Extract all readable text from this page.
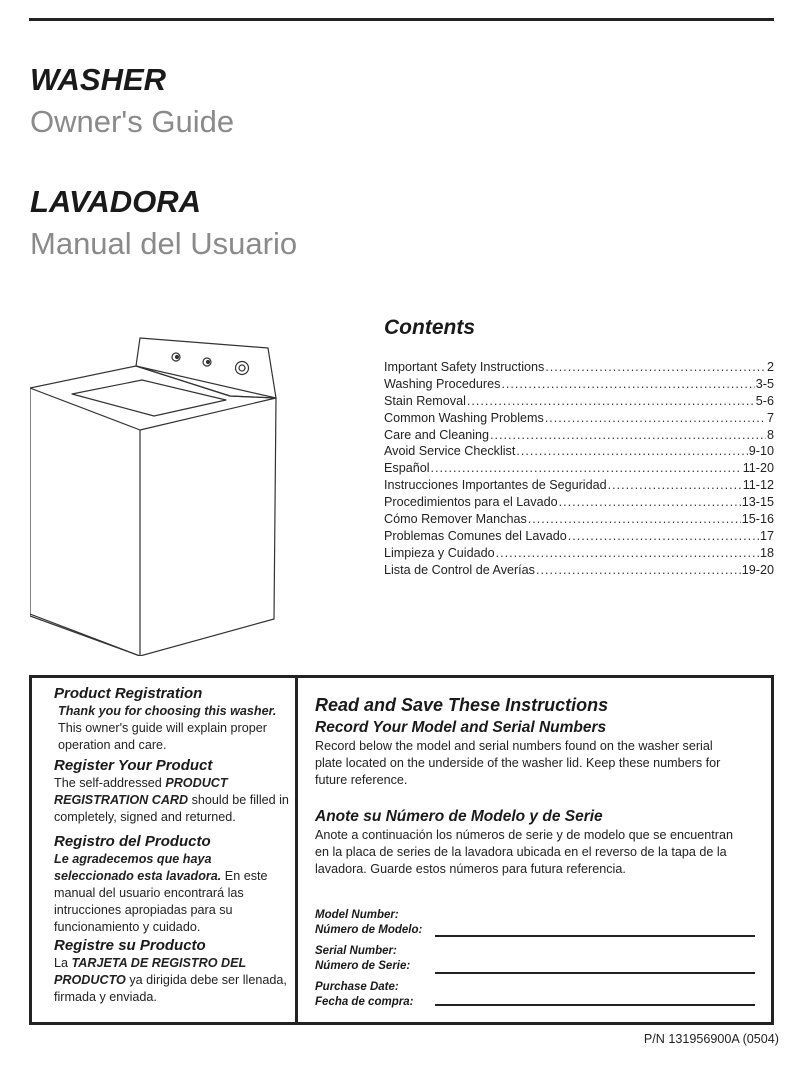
WASHER
Owner's Guide
LAVADORA
Manual del Usuario
Contents
Important Safety Instructions .....	2
Washing Procedures .....	3-5
Stain Removal .....	5-6
Common Washing Problems .....	7
Care and Cleaning .....	8
Avoid Service Checklist .....	9-10
Español .....	11-20
Instrucciones Importantes de Seguridad .....	11-12
Procedimientos para el Lavado .....	13-15
Cómo Remover Manchas .....	15-16
Problemas Comunes del Lavado .....	17
Limpieza y Cuidado .....	18
Lista de Control de Averías .....	19-20
Product Registration
Thank you for choosing this washer. This owner's guide will explain proper operation and care.
Register Your Product
The self-addressed PRODUCT REGISTRATION CARD should be filled in completely, signed and returned.
Registro del Producto
Le agradecemos que haya seleccionado esta lavadora. En este manual del usuario encontrará las intrucciones apropiadas para su funcionamiento y cuidado.
Registre su Producto
La TARJETA DE REGISTRO DEL PRODUCTO ya dirigida debe ser llenada, firmada y enviada.
Read and Save These Instructions
Record Your Model and Serial Numbers
Record below the model and serial numbers found on the washer serial plate located on the underside of the washer lid. Keep these numbers for future reference.
Anote su Número de Modelo y de Serie
Anote a continuación los números de serie y de modelo que se encuentran en la placa de series de la lavadora ubicada en el reverso de la tapa de la lavadora. Guarde estos números para futura referencia.
Model Number:
Número de Modelo:
Serial Number:
Número de Serie:
Purchase Date:
Fecha de compra:
P/N 131956900A (0504)
